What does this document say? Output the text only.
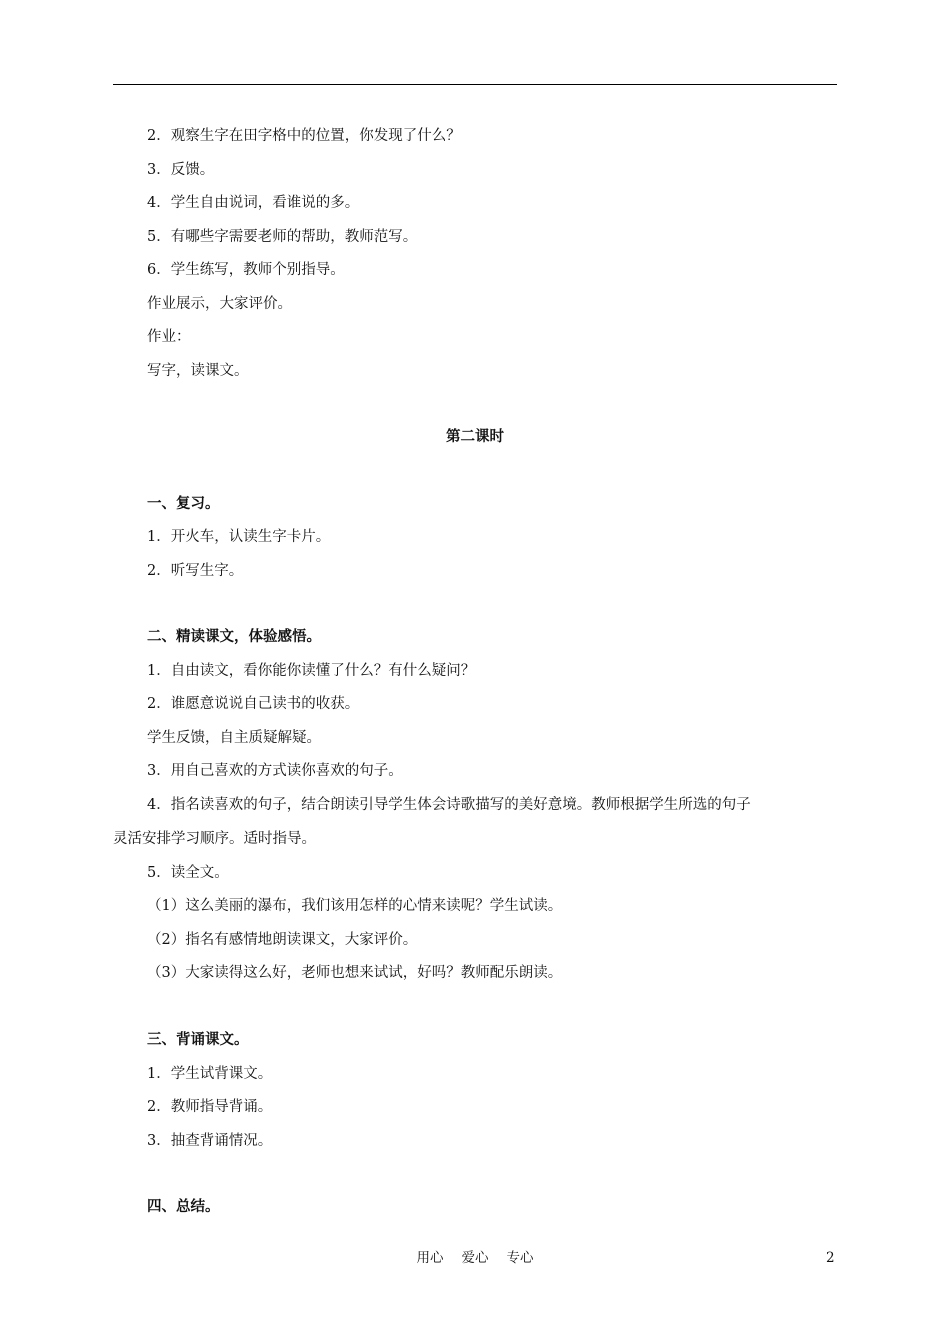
2．观察生字在田字格中的位置，你发现了什么？
3．反馈。
4．学生自由说词，看谁说的多。
5．有哪些字需要老师的帮助，教师范写。
6．学生练写，教师个别指导。
作业展示，大家评价。
作业：
写字，读课文。
第二课时
一、复习。
1．开火车，认读生字卡片。
2．听写生字。
二、精读课文，体验感悟。
1．自由读文，看你能你读懂了什么？有什么疑问？
2．谁愿意说说自己读书的收获。
学生反馈，自主质疑解疑。
3．用自己喜欢的方式读你喜欢的句子。
4．指名读喜欢的句子，结合朗读引导学生体会诗歌描写的美好意境。教师根据学生所选的句子
灵活安排学习顺序。适时指导。
5．读全文。
（1）这么美丽的瀑布，我们该用怎样的心情来读呢？学生试读。
（2）指名有感情地朗读课文，大家评价。
（3）大家读得这么好，老师也想来试试，好吗？教师配乐朗读。
三、背诵课文。
1．学生试背课文。
2．教师指导背诵。
3．抽查背诵情况。
四、总结。
用心 爱心 专心	2
